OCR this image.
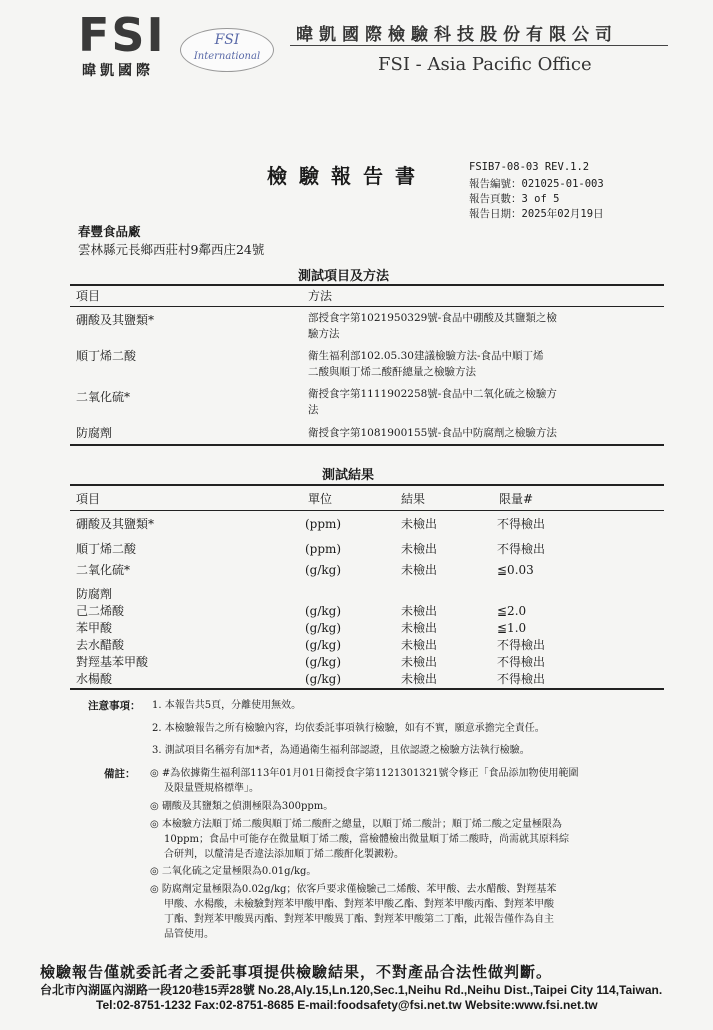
FSI
暐凱國際
FSI
International
暐凱國際檢驗科技股份有限公司
FSI - Asia Pacific Office
檢驗報告書	FSIB7-08-03 REV.1.2
報告編號：021025-01-003
報告頁數：3 of 5
報告日期：2025年02月19日
春豐食品廠
雲林縣元長鄉西莊村9鄰西庄24號
測試項目及方法
項目	方法
硼酸及其鹽類*	部授食字第1021950329號-食品中硼酸及其鹽類之檢
驗方法
順丁烯二酸	衛生福利部102.05.30建議檢驗方法-食品中順丁烯
二酸與順丁烯二酸酐總量之檢驗方法
二氧化硫*	衛授食字第1111902258號-食品中二氧化硫之檢驗方
法
防腐劑	衛授食字第1081900155號-食品中防腐劑之檢驗方法
測試結果
項目	單位	結果	限量#
硼酸及其鹽類*	(ppm)	未檢出	不得檢出
順丁烯二酸	(ppm)	未檢出	不得檢出
二氧化硫*	(g/kg)	未檢出	≦0.03
防腐劑
己二烯酸	(g/kg)	未檢出	≦2.0
苯甲酸	(g/kg)	未檢出	≦1.0
去水醋酸	(g/kg)	未檢出	不得檢出
對羥基苯甲酸	(g/kg)	未檢出	不得檢出
水楊酸	(g/kg)	未檢出	不得檢出
注意事項： 1. 本報告共5頁，分離使用無效。
2. 本檢驗報告之所有檢驗內容，均依委託事項執行檢驗，如有不實，願意承擔完全責任。
3. 測試項目名稱旁有加*者，為通過衛生福利部認證，且依認證之檢驗方法執行檢驗。
備註： ◎ #為依據衛生福利部113年01月01日衛授食字第1121301321號令修正「食品添加物使用範圍
及限量暨規格標準」。
◎ 硼酸及其鹽類之偵測極限為300ppm。
◎ 本檢驗方法順丁烯二酸與順丁烯二酸酐之總量，以順丁烯二酸計；順丁烯二酸之定量極限為
10ppm；食品中可能存在微量順丁烯二酸，當檢體檢出微量順丁烯二酸時，尚需就其原料綜
合研判，以釐清是否違法添加順丁烯二酸酐化製澱粉。
◎ 二氧化硫之定量極限為0.01g/kg。
◎ 防腐劑定量極限為0.02g/kg；依客戶要求僅檢驗己二烯酸、苯甲酸、去水醋酸、對羥基苯
甲酸、水楊酸，未檢驗對羥苯甲酸甲酯、對羥苯甲酸乙酯、對羥苯甲酸丙酯、對羥苯甲酸
丁酯、對羥苯甲酸異丙酯、對羥苯甲酸異丁酯、對羥苯甲酸第二丁酯，此報告僅作為自主
品管使用。
檢驗報告僅就委託者之委託事項提供檢驗結果，不對產品合法性做判斷。
台北市內湖區內湖路一段120巷15弄28號 No.28,Aly.15,Ln.120,Sec.1,Neihu Rd.,Neihu Dist.,Taipei City 114,Taiwan.
Tel:02-8751-1232 Fax:02-8751-8685 E-mail:foodsafety@fsi.net.tw Website:www.fsi.net.tw
